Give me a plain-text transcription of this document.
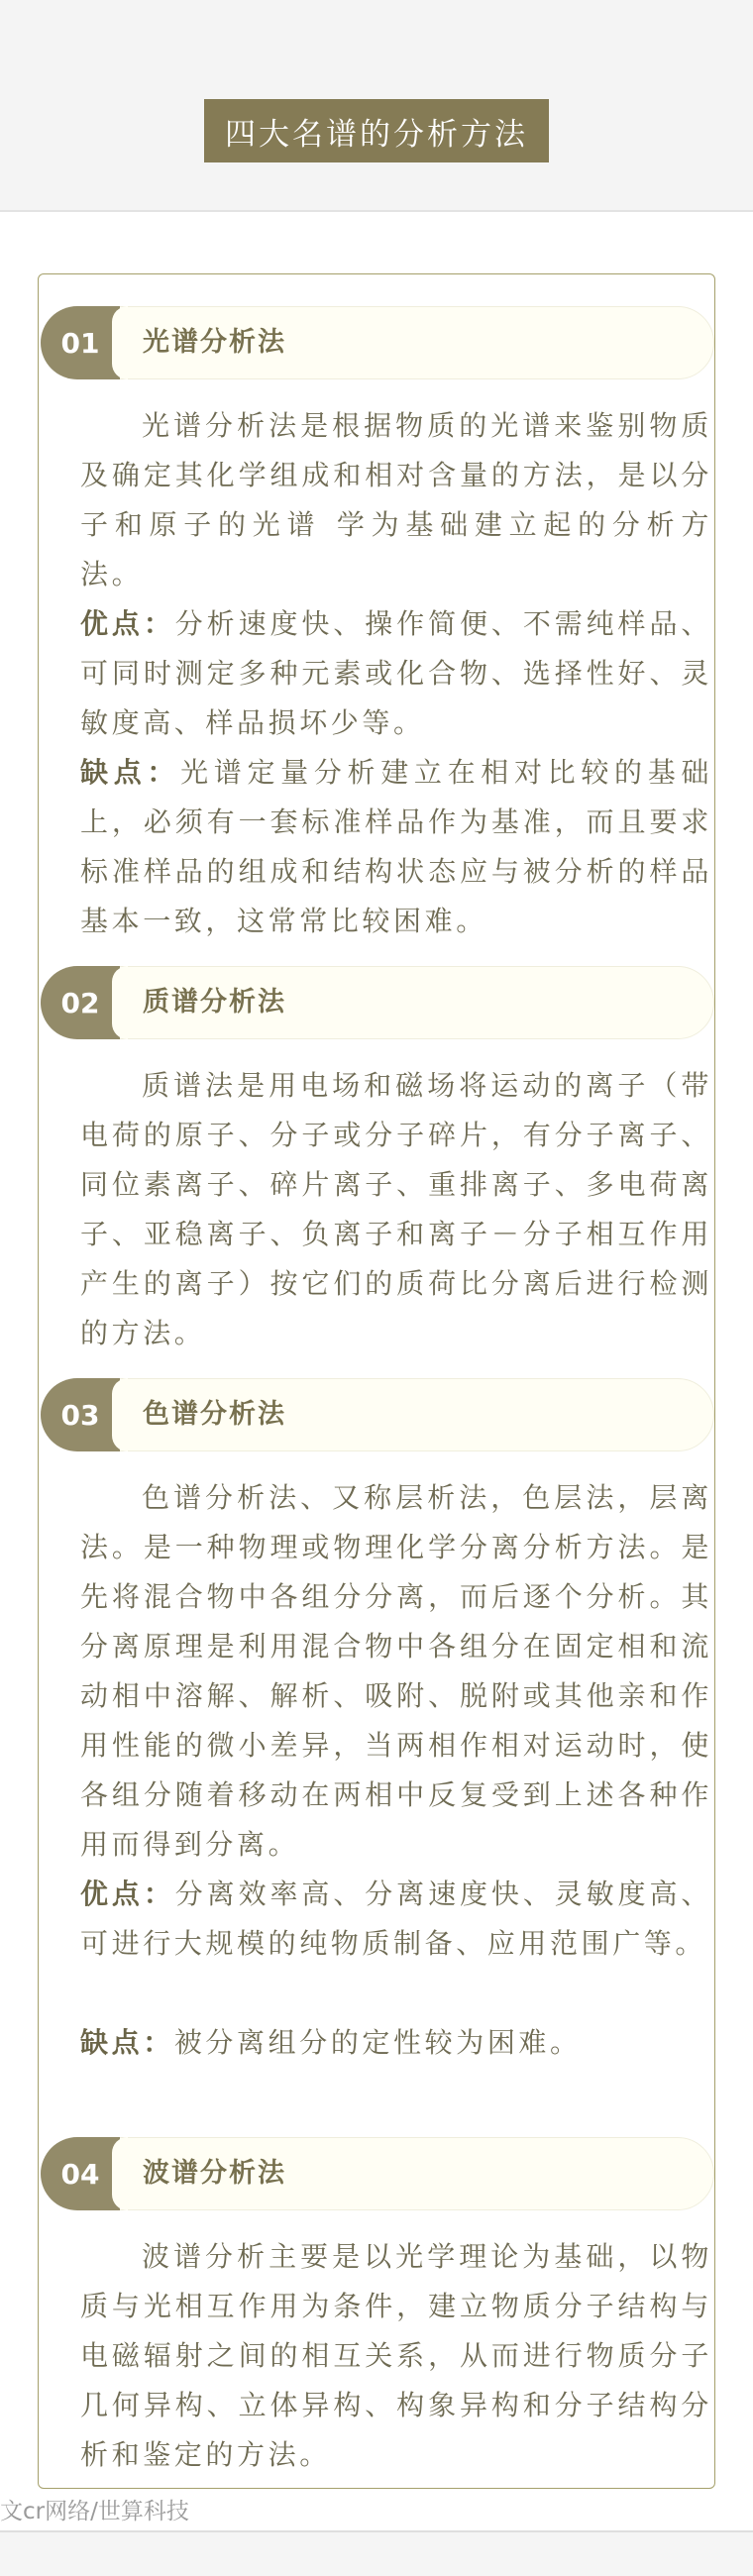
四大名谱的分析方法
01	光谱分析法

光谱分析法是根据物质的光谱来鉴别物质及确定其化学组成和相对含量的方法，是以分子和原子的光谱 学为基础建立起的分析方法。

优点：分析速度快、操作简便、不需纯样品、可同时测定多种元素或化合物、选择性好、灵敏度高、样品损坏少等。

缺点：光谱定量分析建立在相对比较的基础上，必须有一套标准样品作为基准，而且要求标准样品的组成和结构状态应与被分析的样品基本一致，这常常比较困难。

02	质谱分析法

质谱法是用电场和磁场将运动的离子（带电荷的原子、分子或分子碎片，有分子离子、同位素离子、碎片离子、重排离子、多电荷离子、亚稳离子、负离子和离子－分子相互作用产生的离子）按它们的质荷比分离后进行检测的方法。

03	色谱分析法

色谱分析法、又称层析法，色层法，层离法。是一种物理或物理化学分离分析方法。是先将混合物中各组分分离，而后逐个分析。其分离原理是利用混合物中各组分在固定相和流动相中溶解、解析、吸附、脱附或其他亲和作用性能的微小差异，当两相作相对运动时，使各组分随着移动在两相中反复受到上述各种作用而得到分离。

优点：分离效率高、分离速度快、灵敏度高、可进行大规模的纯物质制备、应用范围广等。

缺点：被分离组分的定性较为困难。

04	波谱分析法

波谱分析主要是以光学理论为基础，以物质与光相互作用为条件，建立物质分子结构与电磁辐射之间的相互关系，从而进行物质分子几何异构、立体异构、构象异构和分子结构分析和鉴定的方法。

文cr网络/世算科技
